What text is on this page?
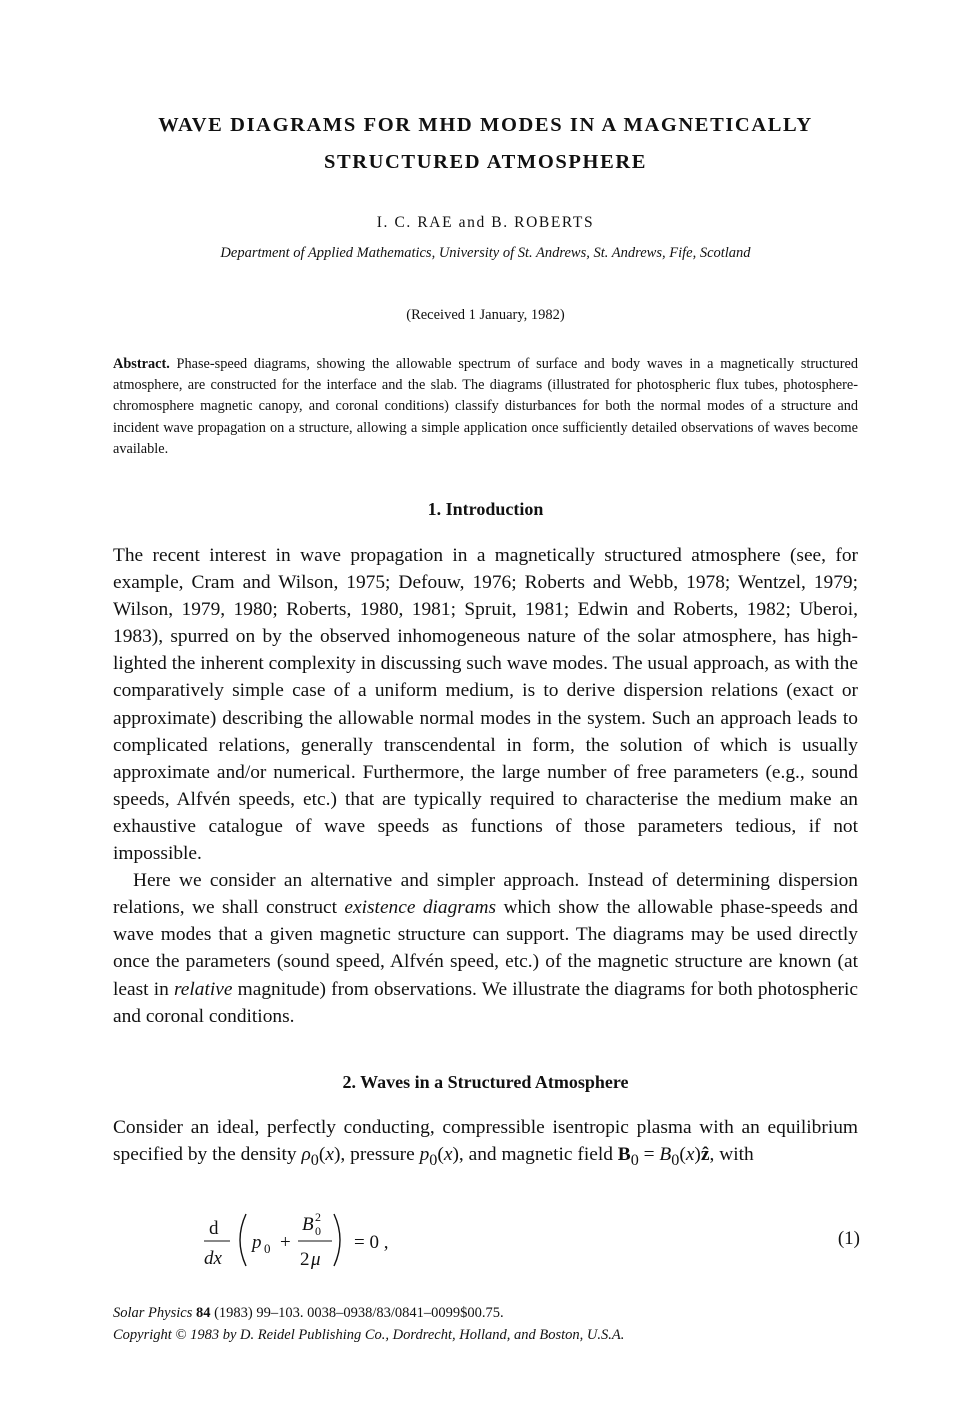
WAVE DIAGRAMS FOR MHD MODES IN A MAGNETICALLY
STRUCTURED ATMOSPHERE
I. C. RAE and B. ROBERTS
Department of Applied Mathematics, University of St. Andrews, St. Andrews, Fife, Scotland
(Received 1 January, 1982)
Abstract. Phase-speed diagrams, showing the allowable spectrum of surface and body waves in a magnetically structured atmosphere, are constructed for the interface and the slab. The diagrams (illustrated for photospheric flux tubes, photosphere-chromosphere magnetic canopy, and coronal conditions) classify disturbances for both the normal modes of a structure and incident wave propagation on a structure, allowing a simple application once sufficiently detailed observations of waves become available.
1. Introduction

The recent interest in wave propagation in a magnetically structured atmosphere (see, for example, Cram and Wilson, 1975; Defouw, 1976; Roberts and Webb, 1978; Wentzel, 1979; Wilson, 1979, 1980; Roberts, 1980, 1981; Spruit, 1981; Edwin and Roberts, 1982; Uberoi, 1983), spurred on by the observed inhomogeneous nature of the solar atmosphere, has high-lighted the inherent complexity in discussing such wave modes. The usual approach, as with the comparatively simple case of a uniform medium, is to derive dispersion relations (exact or approximate) describing the allowable normal modes in the system. Such an approach leads to complicated relations, generally transcendental in form, the solution of which is usually approximate and/or numerical. Furthermore, the large number of free parameters (e.g., sound speeds, Alfvén speeds, etc.) that are typically required to characterise the medium make an exhaustive catalogue of wave speeds as functions of those parameters tedious, if not impossible.

Here we consider an alternative and simpler approach. Instead of determining dispersion relations, we shall construct existence diagrams which show the allowable phase-speeds and wave modes that a given magnetic structure can support. The diagrams may be used directly once the parameters (sound speed, Alfvén speed, etc.) of the magnetic structure are known (at least in relative magnitude) from observations. We illustrate the diagrams for both photospheric and coronal conditions.

2. Waves in a Structured Atmosphere

Consider an ideal, perfectly conducting, compressible isentropic plasma with an equilibrium specified by the density $\rho_0(x)$, pressure $p_0(x)$, and magnetic field $B_0$ = $B_0(x)ẑ$, with

d
dx
p 0 +
B 2
0
2 μ
= 0 ,	(1)
Solar Physics 84 (1983) 99–103. 0038–0938/83/0841–0099$00.75.
Copyright © 1983 by D. Reidel Publishing Co., Dordrecht, Holland, and Boston, U.S.A.
